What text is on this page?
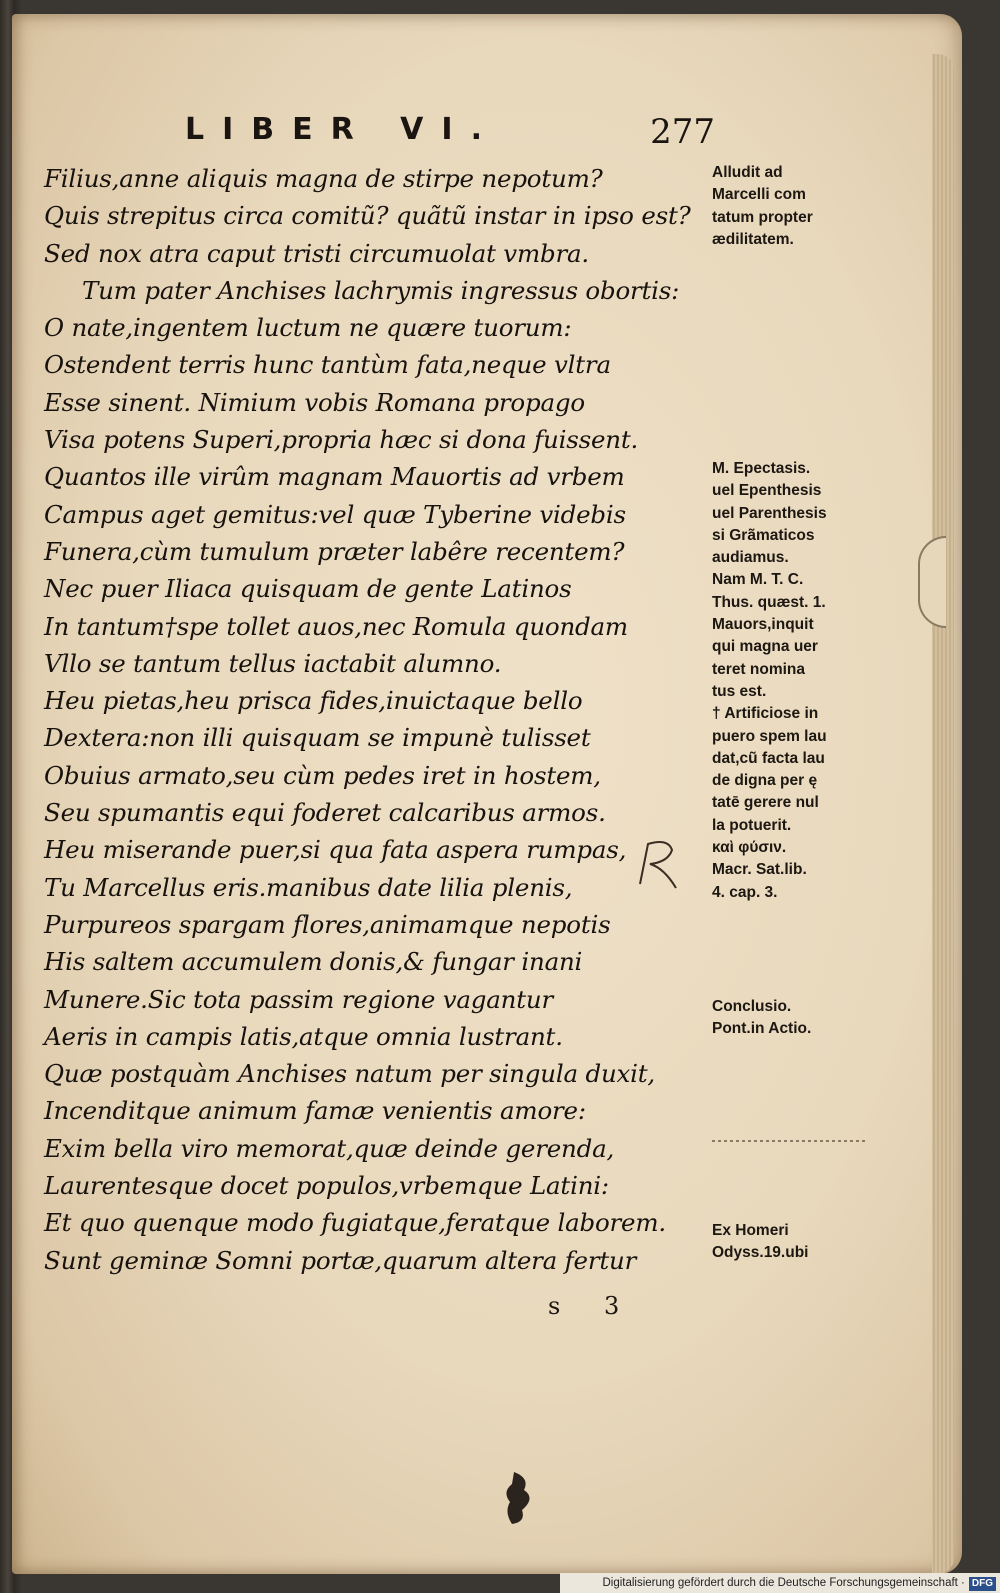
LIBER VI.	277
Filius,anne aliquis magna de stirpe nepotum?
Quis strepitus circa comitũ? quãtũ instar in ipso est?
Sed nox atra caput tristi circumuolat vmbra.
Tum pater Anchises lachrymis ingressus obortis:
O nate,ingentem luctum ne quære tuorum:
Ostendent terris hunc tantùm fata,neque vltra
Esse sinent. Nimium vobis Romana propago
Visa potens Superi,propria hæc si dona fuissent.
Quantos ille virûm magnam Mauortis ad vrbem
Campus aget gemitus:vel quæ Tyberine videbis
Funera,cùm tumulum præter labêre recentem?
Nec puer Iliaca quisquam de gente Latinos
In tantum†spe tollet auos,nec Romula quondam
Vllo se tantum tellus iactabit alumno.
Heu pietas,heu prisca fides,inuictaque bello
Dextera:non illi quisquam se impunè tulisset
Obuius armato,seu cùm pedes iret in hostem,
Seu spumantis equi foderet calcaribus armos.
Heu miserande puer,si qua fata aspera rumpas,
Tu Marcellus eris.manibus date lilia plenis,
Purpureos spargam flores,animamque nepotis
His saltem accumulem donis,& fungar inani
Munere.Sic tota passim regione vagantur
Aeris in campis latis,atque omnia lustrant.
Quæ postquàm Anchises natum per singula duxit,
Incenditque animum famæ venientis amore:
Exim bella viro memorat,quæ deinde gerenda,
Laurentesque docet populos,vrbemque Latini:
Et quo quenque modo fugiatque,feratque laborem.
Sunt geminæ Somni portæ,quarum altera fertur
Alludit ad
Marcelli com
tatum propter
ædilitatem.
M. Epectasis.
uel Epenthesis
uel Parenthesis
si Grãmaticos
audiamus.
Nam M. T. C.
Thus. quæst. 1.
Mauors,inquit
qui magna uer
teret nomina
tus est.
† Artificiose in
puero spem lau
dat,cũ facta lau
de digna per ę
tatē gerere nul
la potuerit.
καὶ φύσιν.
Macr. Sat.lib.
4. cap. 3.
Conclusio.
Pont.in Actio.
Ex Homeri
Odyss.19.ubi
s 3
Digitalisierung gefördert durch die Deutsche Forschungsgemeinschaft · DFG
